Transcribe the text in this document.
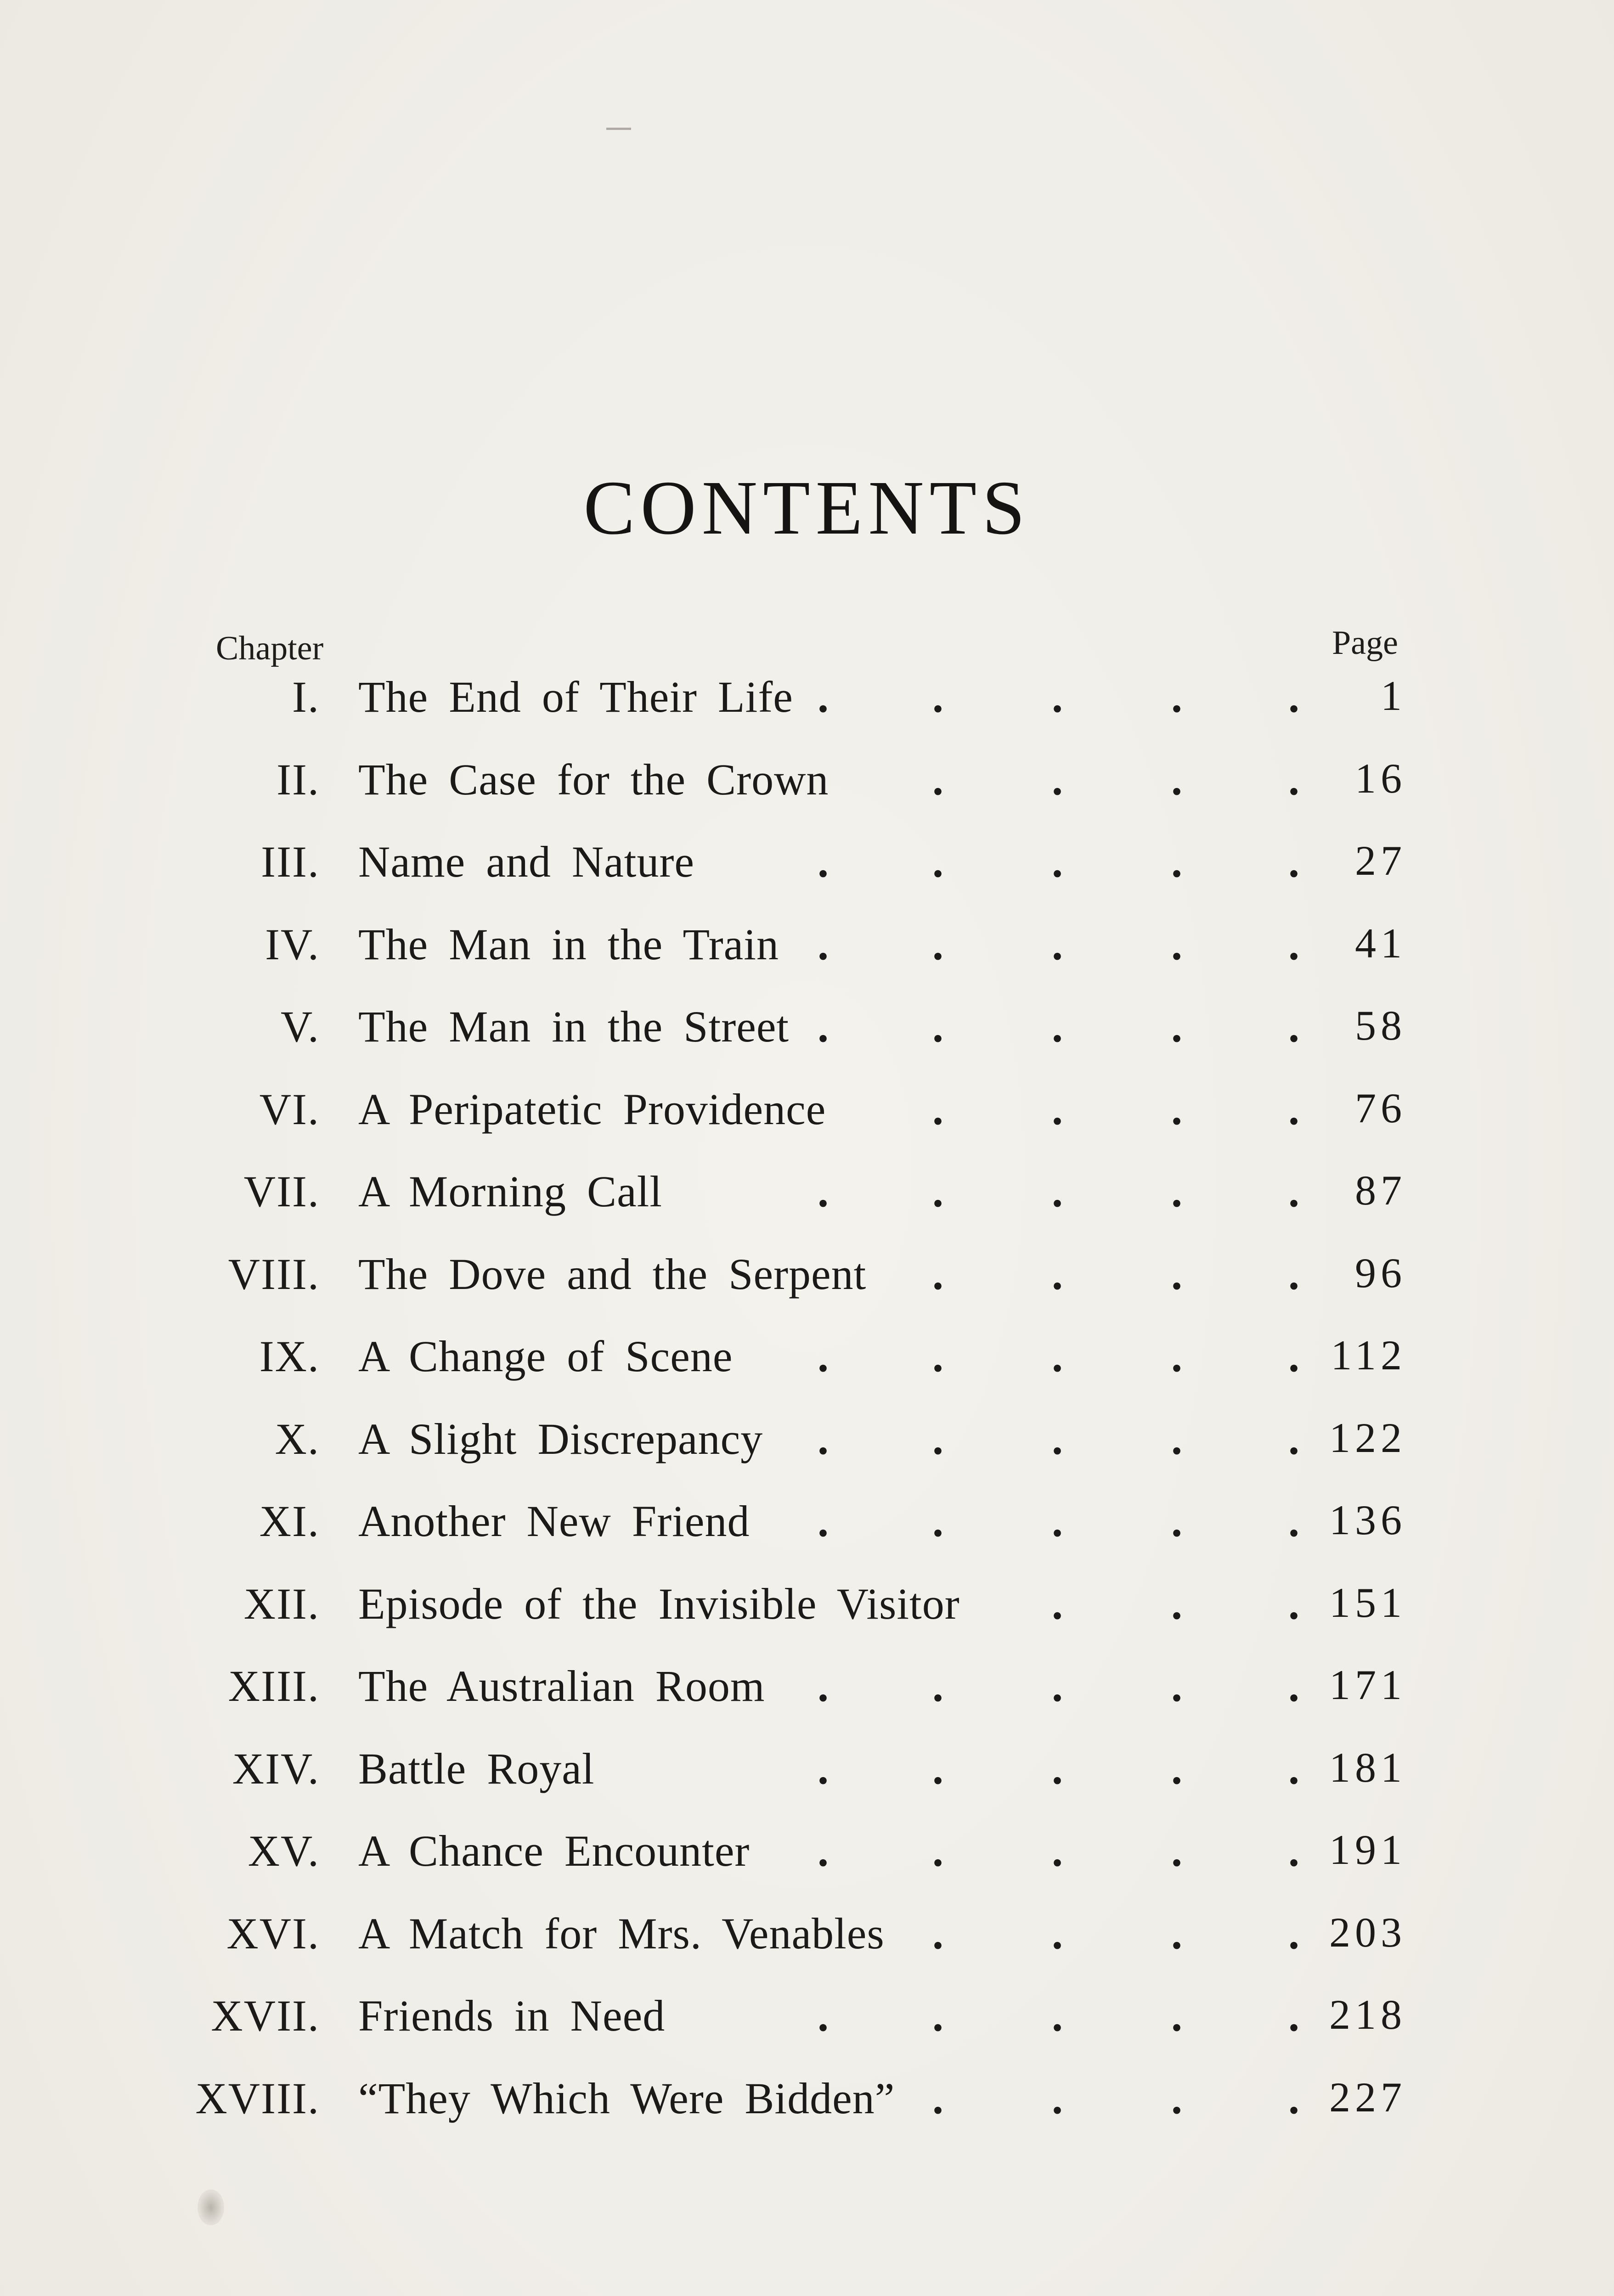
CONTENTS
Chapter	Page
I. The End of Their Life	1
. . . . .
II. The Case for the Crown	16
. . . .
III. Name and Nature	27
. . . . .
IV. The Man in the Train	41
. . . . .
V. The Man in the Street	58
. . . . .
VI. A Peripatetic Providence	76
. . . .
VII. A Morning Call	87
. . . . .
VIII. The Dove and the Serpent	96
. . . .
IX. A Change of Scene	112
. . . . .
X. A Slight Discrepancy	122
. . . . .
XI. Another New Friend	136
. . . . .
XII. Episode of the Invisible Visitor	151
. . .
XIII. The Australian Room	171
. . . . .
XIV. Battle Royal	181
. . . . .
XV. A Chance Encounter	191
. . . . .
XVI. A Match for Mrs. Venables	203
. . . .
XVII. Friends in Need	218
. . . . .
XVIII. “They Which Were Bidden”	227
. . . .
